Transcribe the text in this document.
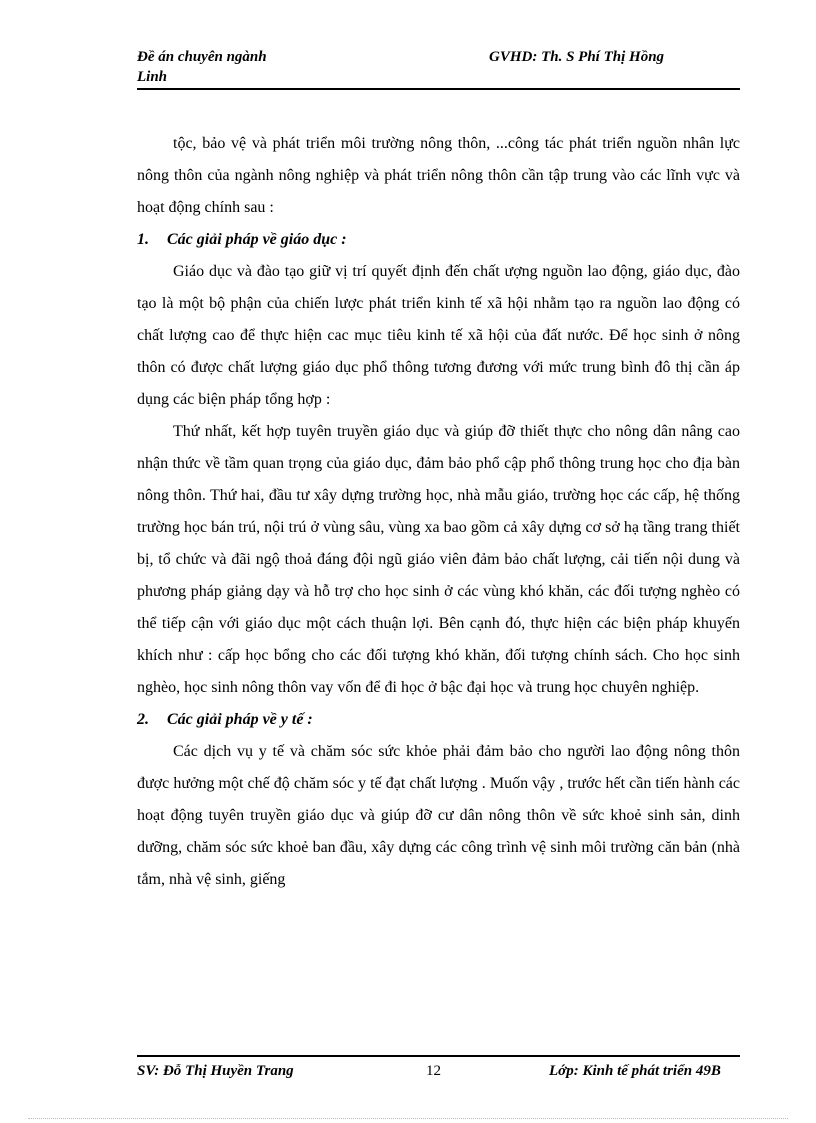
Đề án chuyên ngành
Linh
GVHD: Th. S Phí Thị Hồng

tộc, bảo vệ và phát triển môi trường nông thôn, ...công tác phát triển nguồn nhân lực nông thôn của ngành nông nghiệp và phát triển nông thôn cần tập trung vào các lĩnh vực và hoạt động chính sau :

1. Các giải pháp về giáo dục :

Giáo dục và đào tạo giữ vị trí quyết định đến chất ượng nguồn lao động, giáo dục, đào tạo là một bộ phận của chiến lược phát triển kinh tế xã hội nhằm tạo ra nguồn lao động có chất lượng cao để thực hiện cac mục tiêu kinh tế xã hội của đất nước. Để học sinh ở nông thôn có được chất lượng giáo dục phổ thông tương đương với mức trung bình đô thị cần áp dụng các biện pháp tổng hợp :

Thứ nhất, kết hợp tuyên truyền giáo dục và giúp đỡ thiết thực cho nông dân nâng cao nhận thức về tầm quan trọng của giáo dục, đảm bảo phổ cập phổ thông trung học cho địa bàn nông thôn. Thứ hai, đầu tư xây dựng trường học, nhà mẫu giáo, trường học các cấp, hệ thống trường học bán trú, nội trú ở vùng sâu, vùng xa bao gồm cả xây dựng cơ sở hạ tầng trang thiết bị, tổ chức và đãi ngộ thoả đáng đội ngũ giáo viên đảm bảo chất lượng, cải tiến nội dung và phương pháp giảng dạy và hỗ trợ cho học sinh ở các vùng khó khăn, các đối tượng nghèo có thể tiếp cận với giáo dục một cách thuận lợi. Bên cạnh đó, thực hiện các biện pháp khuyến khích như : cấp học bổng cho các đối tượng khó khăn, đối tượng chính sách. Cho học sinh nghèo, học sinh nông thôn vay vốn để đi học ở bậc đại học và trung học chuyên nghiệp.

2. Các giải pháp về y tế :

Các dịch vụ y tế và chăm sóc sức khỏe phải đảm bảo cho người lao động nông thôn được hưởng một chế độ chăm sóc y tế đạt chất lượng . Muốn vậy , trước hết cần tiến hành các hoạt động tuyên truyền giáo dục và giúp đỡ cư dân nông thôn về sức khoẻ sinh sản, dinh dưỡng, chăm sóc sức khoẻ ban đầu, xây dựng các công trình vệ sinh môi trường căn bản (nhà tắm, nhà vệ sinh, giếng

SV: Đỗ Thị Huyền Trang	12	Lớp: Kinh tế phát triển 49B
